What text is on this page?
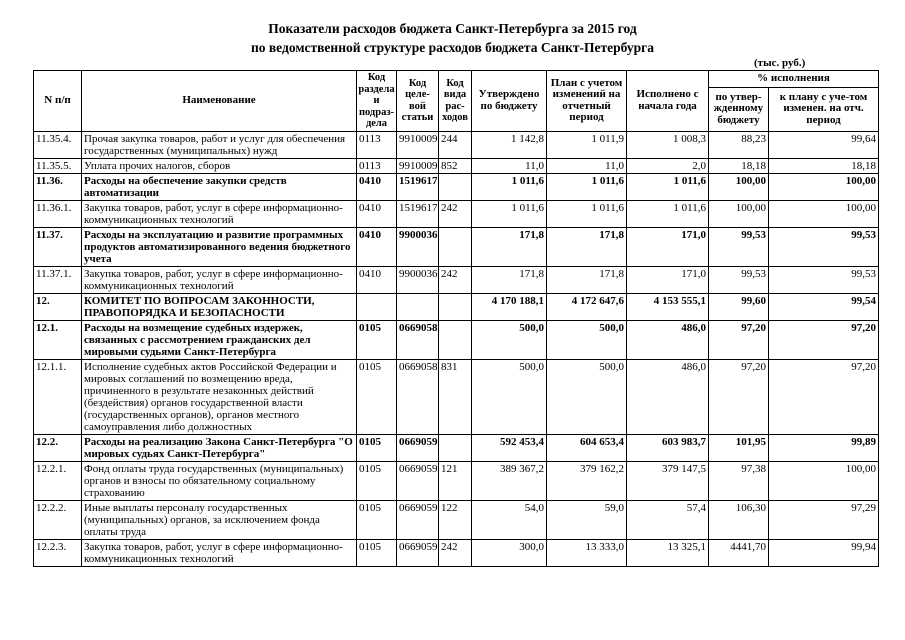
Показатели расходов бюджета Санкт-Петербурга за 2015 год
по ведомственной структуре расходов бюджета Санкт-Петербурга
(тыс. руб.)
N п/п	Наименование	Код раздела и подраз-дела	Код целе-вой статьи	Код вида рас-ходов	Утверждено по бюджету	План с учетом изменений на отчетный период	Исполнено с начала года	% исполнения	
								по утвер-жденному бюджету	к плану с уче-том изменен. на отч. период
11.35.4.	Прочая закупка товаров, работ и услуг для обеспечения государственных (муниципальных) нужд	0113	9910009	244	1 142,8	1 011,9	1 008,3	88,23	99,64
11.35.5.	Уплата прочих налогов, сборов	0113	9910009	852	11,0	11,0	2,0	18,18	18,18
11.36.	Расходы на обеспечение закупки средств автоматизации	0410	1519617		1 011,6	1 011,6	1 011,6	100,00	100,00
11.36.1.	Закупка товаров, работ, услуг в сфере информационно-коммуникационных технологий	0410	1519617	242	1 011,6	1 011,6	1 011,6	100,00	100,00
11.37.	Расходы на эксплуатацию и развитие программных продуктов автоматизированного ведения бюджетного учета	0410	9900036		171,8	171,8	171,0	99,53	99,53
11.37.1.	Закупка товаров, работ, услуг в сфере информационно-коммуникационных технологий	0410	9900036	242	171,8	171,8	171,0	99,53	99,53
12.	КОМИТЕТ ПО ВОПРОСАМ ЗАКОННОСТИ, ПРАВОПОРЯДКА И БЕЗОПАСНОСТИ				4 170 188,1	4 172 647,6	4 153 555,1	99,60	99,54
12.1.	Расходы на возмещение судебных издержек, связанных с рассмотрением гражданских дел мировыми судьями Санкт-Петербурга	0105	0669058		500,0	500,0	486,0	97,20	97,20
12.1.1.	Исполнение судебных актов Российской Федерации и мировых соглашений по возмещению вреда, причиненного в результате незаконных действий (бездействия) органов государственной власти (государственных органов), органов местного самоуправления либо должностных	0105	0669058	831	500,0	500,0	486,0	97,20	97,20
12.2.	Расходы на реализацию Закона Санкт-Петербурга "О мировых судьях Санкт-Петербурга"	0105	0669059		592 453,4	604 653,4	603 983,7	101,95	99,89
12.2.1.	Фонд оплаты труда государственных (муниципальных) органов и взносы по обязательному социальному страхованию	0105	0669059	121	389 367,2	379 162,2	379 147,5	97,38	100,00
12.2.2.	Иные выплаты персоналу государственных (муниципальных) органов, за исключением фонда оплаты труда	0105	0669059	122	54,0	59,0	57,4	106,30	97,29
12.2.3.	Закупка товаров, работ, услуг в сфере информационно-коммуникационных технологий	0105	0669059	242	300,0	13 333,0	13 325,1	4441,70	99,94
